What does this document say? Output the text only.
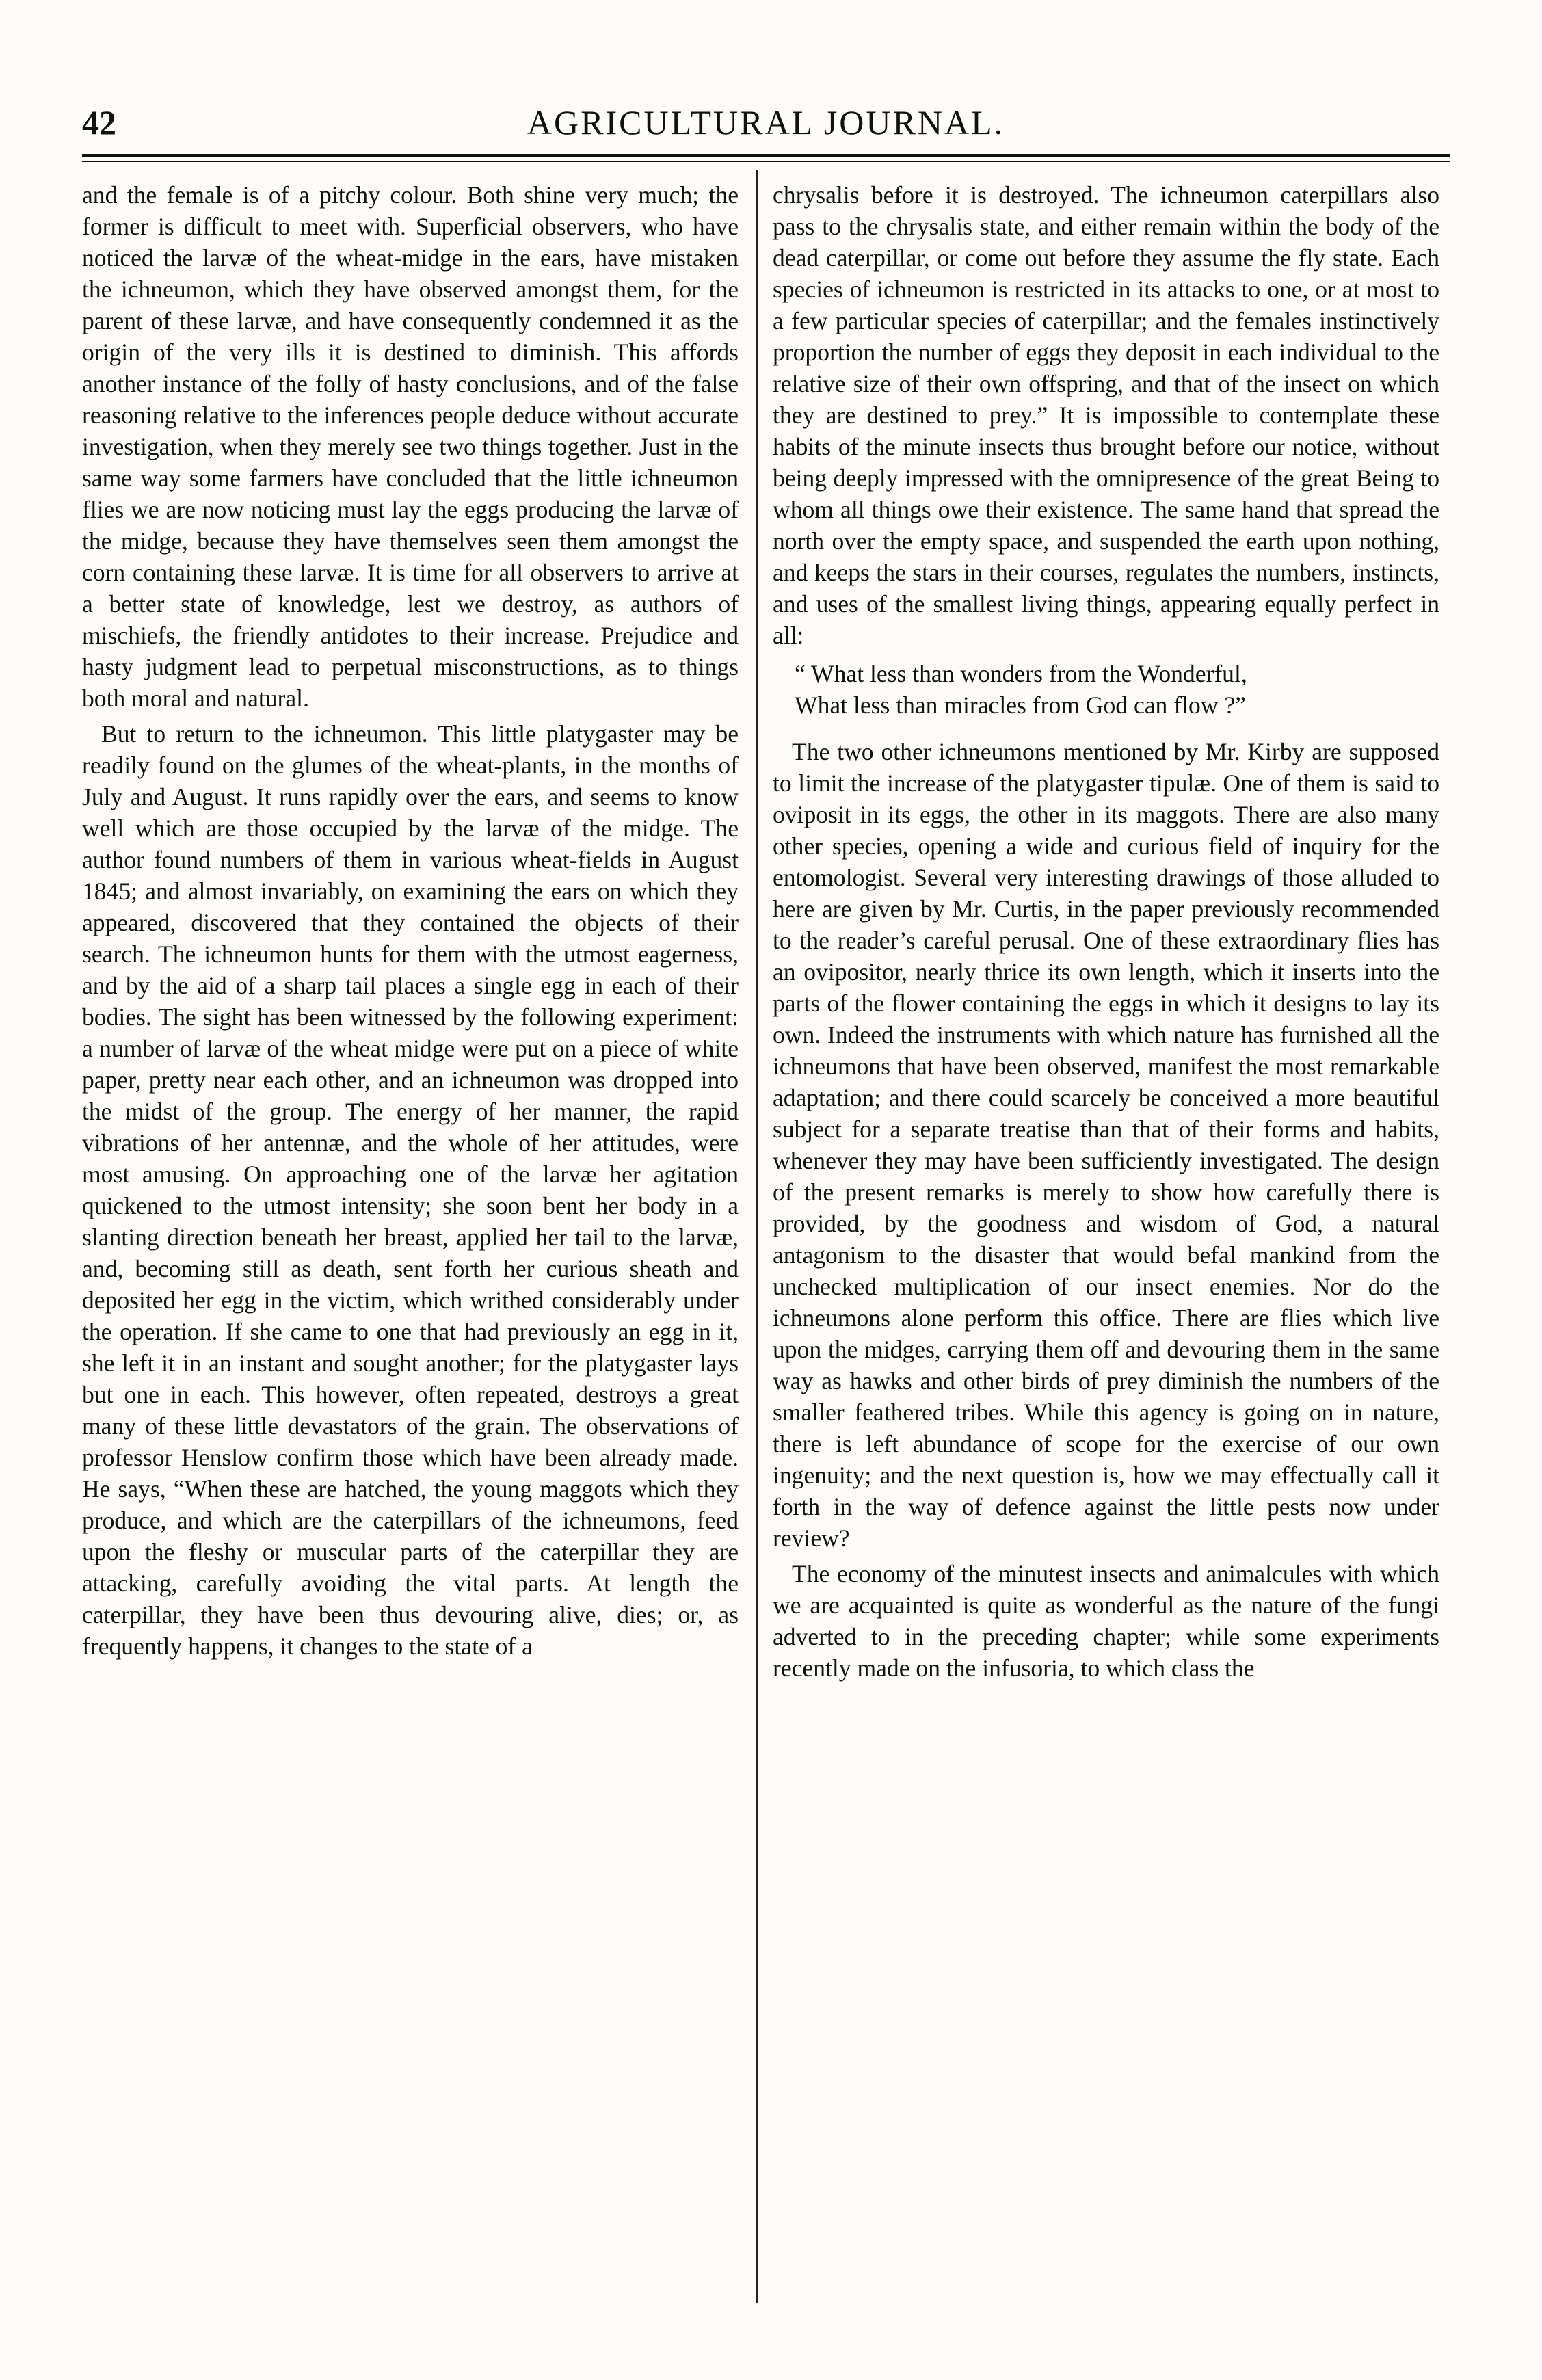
42	AGRICULTURAL JOURNAL.

and the female is of a pitchy colour. Both shine very much; the former is difficult to meet with. Superficial observers, who have noticed the larvæ of the wheat-midge in the ears, have mistaken the ichneumon, which they have observed amongst them, for the parent of these larvæ, and have consequently condemned it as the origin of the very ills it is destined to diminish. This affords another instance of the folly of hasty conclusions, and of the false reasoning relative to the inferences people deduce without accurate investigation, when they merely see two things together. Just in the same way some farmers have concluded that the little ichneumon flies we are now noticing must lay the eggs producing the larvæ of the midge, because they have themselves seen them amongst the corn containing these larvæ. It is time for all observers to arrive at a better state of knowledge, lest we destroy, as authors of mischiefs, the friendly antidotes to their increase. Prejudice and hasty judgment lead to perpetual misconstructions, as to things both moral and natural.

But to return to the ichneumon. This little platygaster may be readily found on the glumes of the wheat-plants, in the months of July and August. It runs rapidly over the ears, and seems to know well which are those occupied by the larvæ of the midge. The author found numbers of them in various wheat-fields in August 1845; and almost invariably, on examining the ears on which they appeared, discovered that they contained the objects of their search. The ichneumon hunts for them with the utmost eagerness, and by the aid of a sharp tail places a single egg in each of their bodies. The sight has been witnessed by the following experiment: a number of larvæ of the wheat midge were put on a piece of white paper, pretty near each other, and an ichneumon was dropped into the midst of the group. The energy of her manner, the rapid vibrations of her antennæ, and the whole of her attitudes, were most amusing. On approaching one of the larvæ her agitation quickened to the utmost intensity; she soon bent her body in a slanting direction beneath her breast, applied her tail to the larvæ, and, becoming still as death, sent forth her curious sheath and deposited her egg in the victim, which writhed considerably under the operation. If she came to one that had previously an egg in it, she left it in an instant and sought another; for the platygaster lays but one in each. This however, often repeated, destroys a great many of these little devastators of the grain. The observations of professor Henslow confirm those which have been already made. He says, “When these are hatched, the young maggots which they produce, and which are the caterpillars of the ichneumons, feed upon the fleshy or muscular parts of the caterpillar they are attacking, carefully avoiding the vital parts. At length the caterpillar, they have been thus devouring alive, dies; or, as frequently happens, it changes to the state of a

chrysalis before it is destroyed. The ichneumon caterpillars also pass to the chrysalis state, and either remain within the body of the dead caterpillar, or come out before they assume the fly state. Each species of ichneumon is restricted in its attacks to one, or at most to a few particular species of caterpillar; and the females instinctively proportion the number of eggs they deposit in each individual to the relative size of their own offspring, and that of the insect on which they are destined to prey.” It is impossible to contemplate these habits of the minute insects thus brought before our notice, without being deeply impressed with the omnipresence of the great Being to whom all things owe their existence. The same hand that spread the north over the empty space, and suspended the earth upon nothing, and keeps the stars in their courses, regulates the numbers, instincts, and uses of the smallest living things, appearing equally perfect in all:

“ What less than wonders from the Wonderful,
What less than miracles from God can flow ?”

The two other ichneumons mentioned by Mr. Kirby are supposed to limit the increase of the platygaster tipulæ. One of them is said to oviposit in its eggs, the other in its maggots. There are also many other species, opening a wide and curious field of inquiry for the entomologist. Several very interesting drawings of those alluded to here are given by Mr. Curtis, in the paper previously recommended to the reader’s careful perusal. One of these extraordinary flies has an ovipositor, nearly thrice its own length, which it inserts into the parts of the flower containing the eggs in which it designs to lay its own. Indeed the instruments with which nature has furnished all the ichneumons that have been observed, manifest the most remarkable adaptation; and there could scarcely be conceived a more beautiful subject for a separate treatise than that of their forms and habits, whenever they may have been sufficiently investigated. The design of the present remarks is merely to show how carefully there is provided, by the goodness and wisdom of God, a natural antagonism to the disaster that would befal mankind from the unchecked multiplication of our insect enemies. Nor do the ichneumons alone perform this office. There are flies which live upon the midges, carrying them off and devouring them in the same way as hawks and other birds of prey diminish the numbers of the smaller feathered tribes. While this agency is going on in nature, there is left abundance of scope for the exercise of our own ingenuity; and the next question is, how we may effectually call it forth in the way of defence against the little pests now under review?

The economy of the minutest insects and animalcules with which we are acquainted is quite as wonderful as the nature of the fungi adverted to in the preceding chapter; while some experiments recently made on the infusoria, to which class the
